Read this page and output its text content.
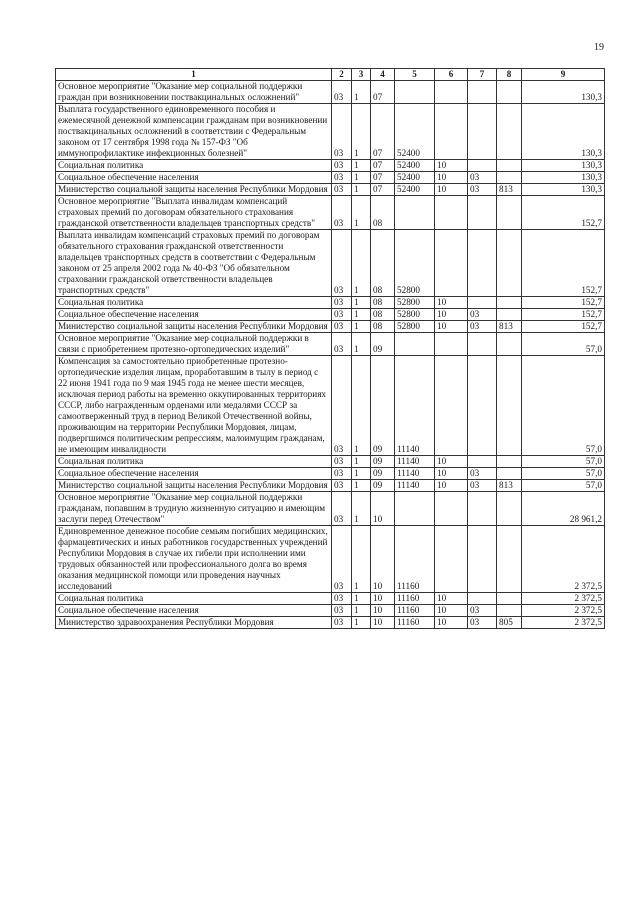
19
1	2	3	4	5	6	7	8	9
Основное мероприятие "Оказание мер социальной поддержки граждан при возникновении поствакцинальных осложнений"	03	1	07					130,3
Выплата государственного единовременного пособия и ежемесячной денежной компенсации гражданам при возникновении поствакцинальных осложнений в соответствии с Федеральным законом от 17 сентября 1998 года № 157-ФЗ "Об иммунопрофилактике инфекционных болезней"	03	1	07	52400				130,3
Социальная политика	03	1	07	52400	10			130,3
Социальное обеспечение населения	03	1	07	52400	10	03		130,3
Министерство социальной защиты населения Республики Мордовия	03	1	07	52400	10	03	813	130,3
Основное мероприятие "Выплата инвалидам компенсаций страховых премий по договорам обязательного страхования гражданской ответственности владельцев транспортных средств"	03	1	08					152,7
Выплата инвалидам компенсаций страховых премий по договорам обязательного страхования гражданской ответственности владельцев транспортных средств в соответствии с Федеральным законом от 25 апреля 2002 года № 40-ФЗ "Об обязательном страховании гражданской ответственности владельцев транспортных средств"	03	1	08	52800				152,7
Социальная политика	03	1	08	52800	10			152,7
Социальное обеспечение населения	03	1	08	52800	10	03		152,7
Министерство социальной защиты населения Республики Мордовия	03	1	08	52800	10	03	813	152,7
Основное мероприятие "Оказание мер социальной поддержки в связи с приобретением протезно-ортопедических изделий"	03	1	09					57,0
Компенсация за самостоятельно приобретенные протезно-ортопедические изделия лицам, проработавшим в тылу в период с 22 июня 1941 года по 9 мая 1945 года не менее шести месяцев, исключая период работы на временно оккупированных территориях СССР, либо награжденным орденами или медалями СССР за самоотверженный труд в период Великой Отечественной войны, проживающим на территории Республики Мордовия, лицам, подвергшимся политическим репрессиям, малоимущим гражданам, не имеющим инвалидности	03	1	09	11140				57,0
Социальная политика	03	1	09	11140	10			57,0
Социальное обеспечение населения	03	1	09	11140	10	03		57,0
Министерство социальной защиты населения Республики Мордовия	03	1	09	11140	10	03	813	57,0
Основное мероприятие "Оказание мер социальной поддержки гражданам, попавшим в трудную жизненную ситуацию и имеющим заслуги перед Отечеством"	03	1	10					28 961,2
Единовременное денежное пособие семьям погибших медицинских, фармацевтических и иных работников государственных учреждений Республики Мордовия в случае их гибели при исполнении ими трудовых обязанностей или профессионального долга во время оказания медицинской помощи или проведения научных исследований	03	1	10	11160				2 372,5
Социальная политика	03	1	10	11160	10			2 372,5
Социальное обеспечение населения	03	1	10	11160	10	03		2 372,5
Министерство здравоохранения Республики Мордовия	03	1	10	11160	10	03	805	2 372,5
